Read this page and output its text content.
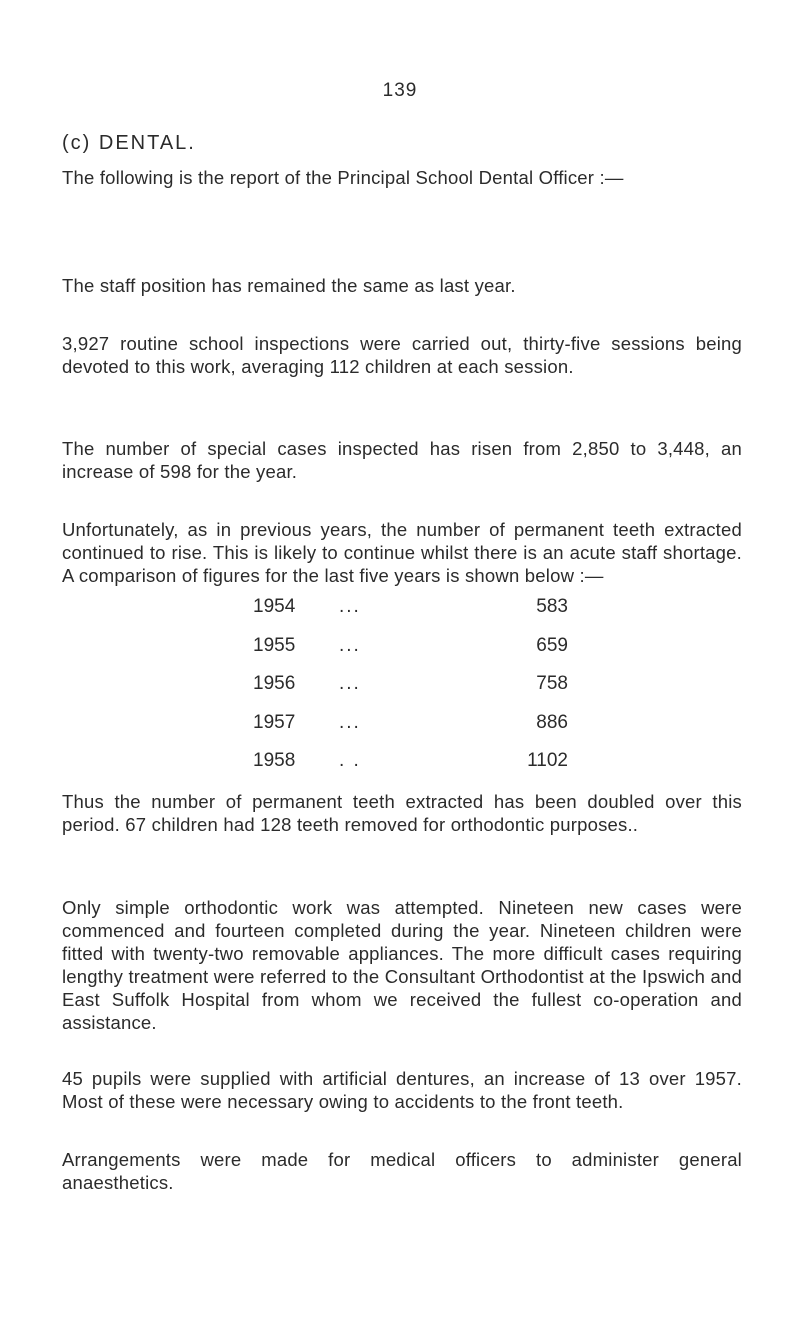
139
(c) DENTAL.
The following is the report of the Principal School Dental Officer :—
The staff position has remained the same as last year.
3,927 routine school inspections were carried out, thirty-five sessions being devoted to this work, averaging 112 children at each session.
The number of special cases inspected has risen from 2,850 to 3,448, an increase of 598 for the year.
Unfortunately, as in previous years, the number of permanent teeth extracted continued to rise. This is likely to continue whilst there is an acute staff shortage. A comparison of figures for the last five years is shown below :—
1954 ...	583
1955 ...	659
1956 ...	758
1957 ...	886
1958 . .	1102
Thus the number of permanent teeth extracted has been doubled over this period. 67 children had 128 teeth removed for orthodontic purposes..
Only simple orthodontic work was attempted. Nineteen new cases were commenced and fourteen completed during the year. Nineteen children were fitted with twenty-two removable appliances. The more difficult cases requiring lengthy treatment were referred to the Consultant Orthodontist at the Ipswich and East Suffolk Hospital from whom we received the fullest co-operation and assistance.
45 pupils were supplied with artificial dentures, an increase of 13 over 1957. Most of these were necessary owing to accidents to the front teeth.
Arrangements were made for medical officers to administer general anaesthetics.
